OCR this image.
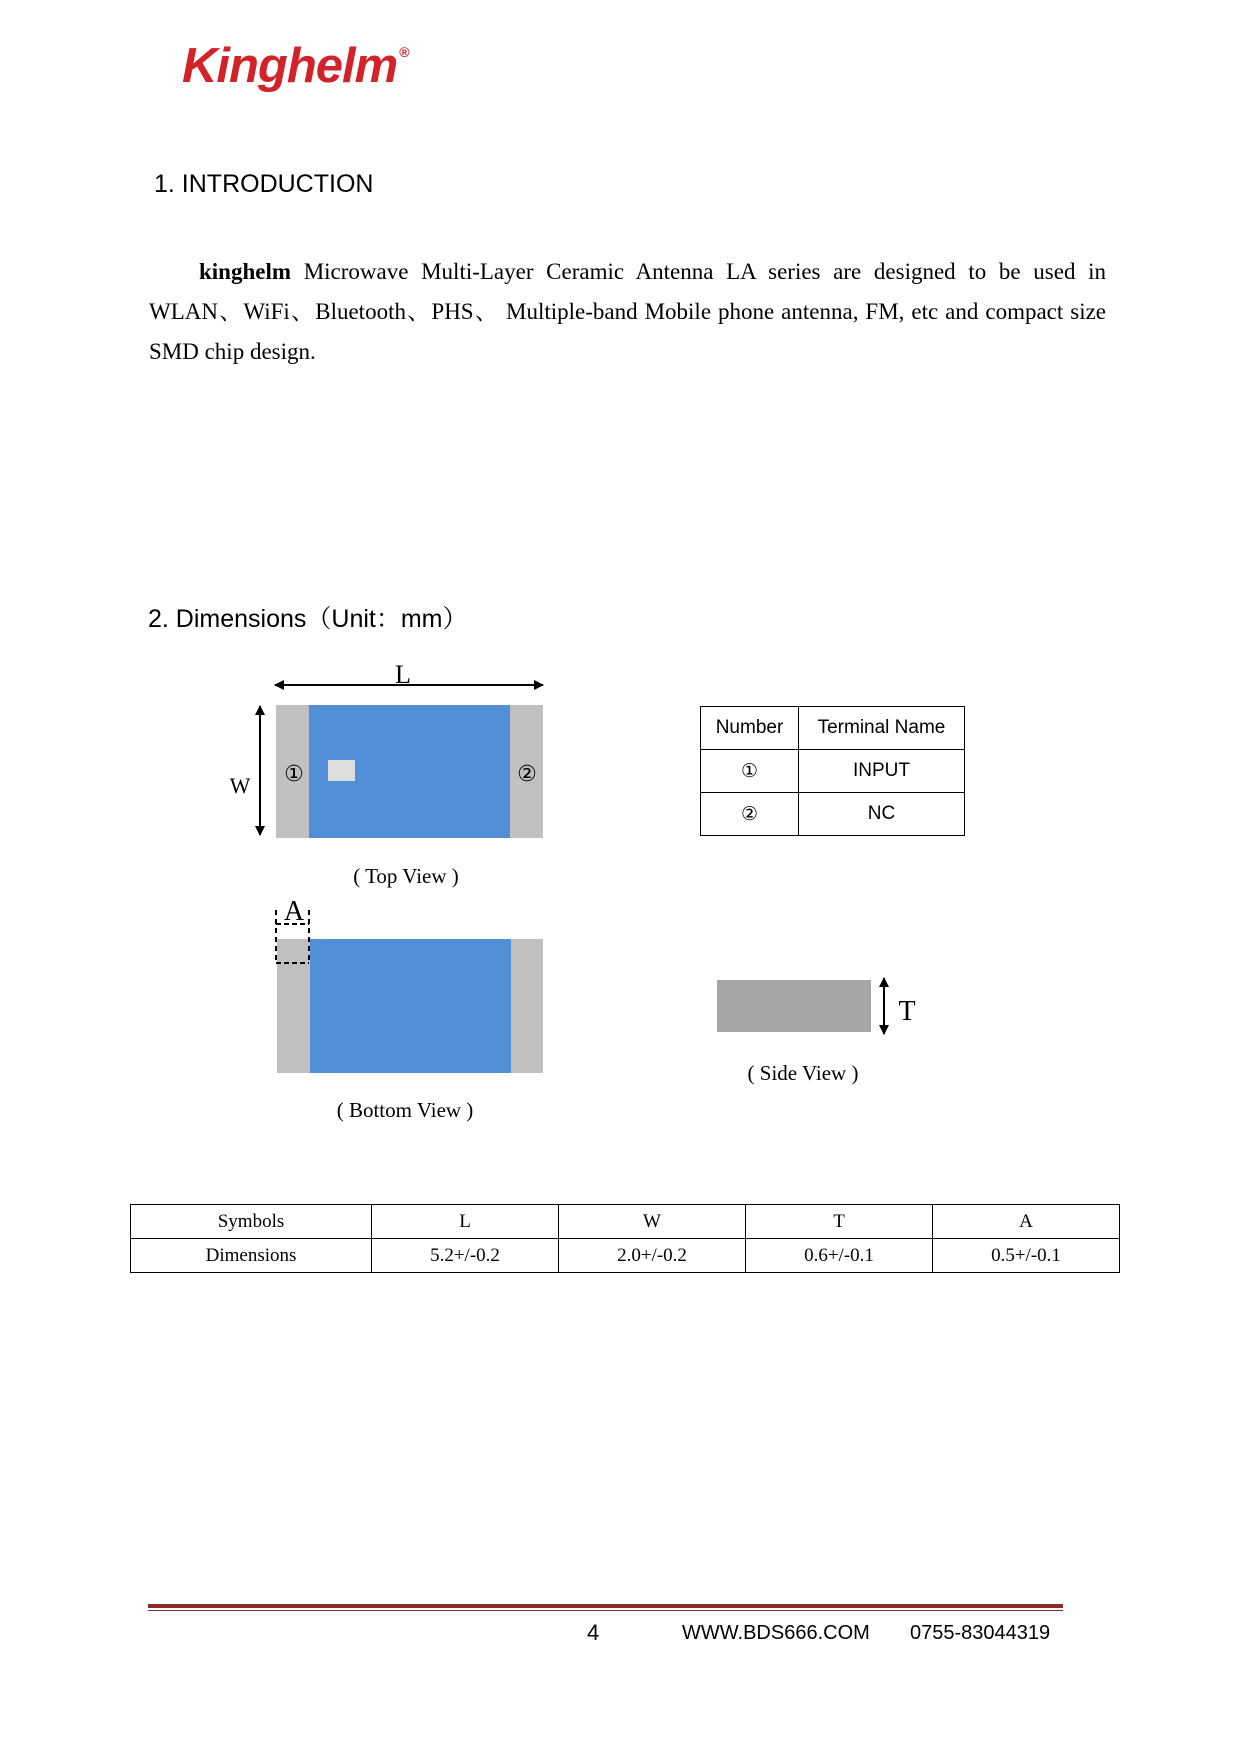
Kinghelm ®
1. INTRODUCTION
kinghelm Microwave Multi-Layer Ceramic Antenna LA series are designed to be used in WLAN、WiFi、Bluetooth、PHS、 Multiple-band Mobile phone antenna, FM, etc and compact size SMD chip design.
2. Dimensions（Unit：mm）
L
W ①	②
( Top View )
A
( Bottom View )
T
( Side View )
Number	Terminal Name
①	INPUT
②	NC
Symbols	L	W	T	A
Dimensions	5.2+/-0.2	2.0+/-0.2	0.6+/-0.1	0.5+/-0.1
4	WWW.BDS666.COM 0755-83044319
